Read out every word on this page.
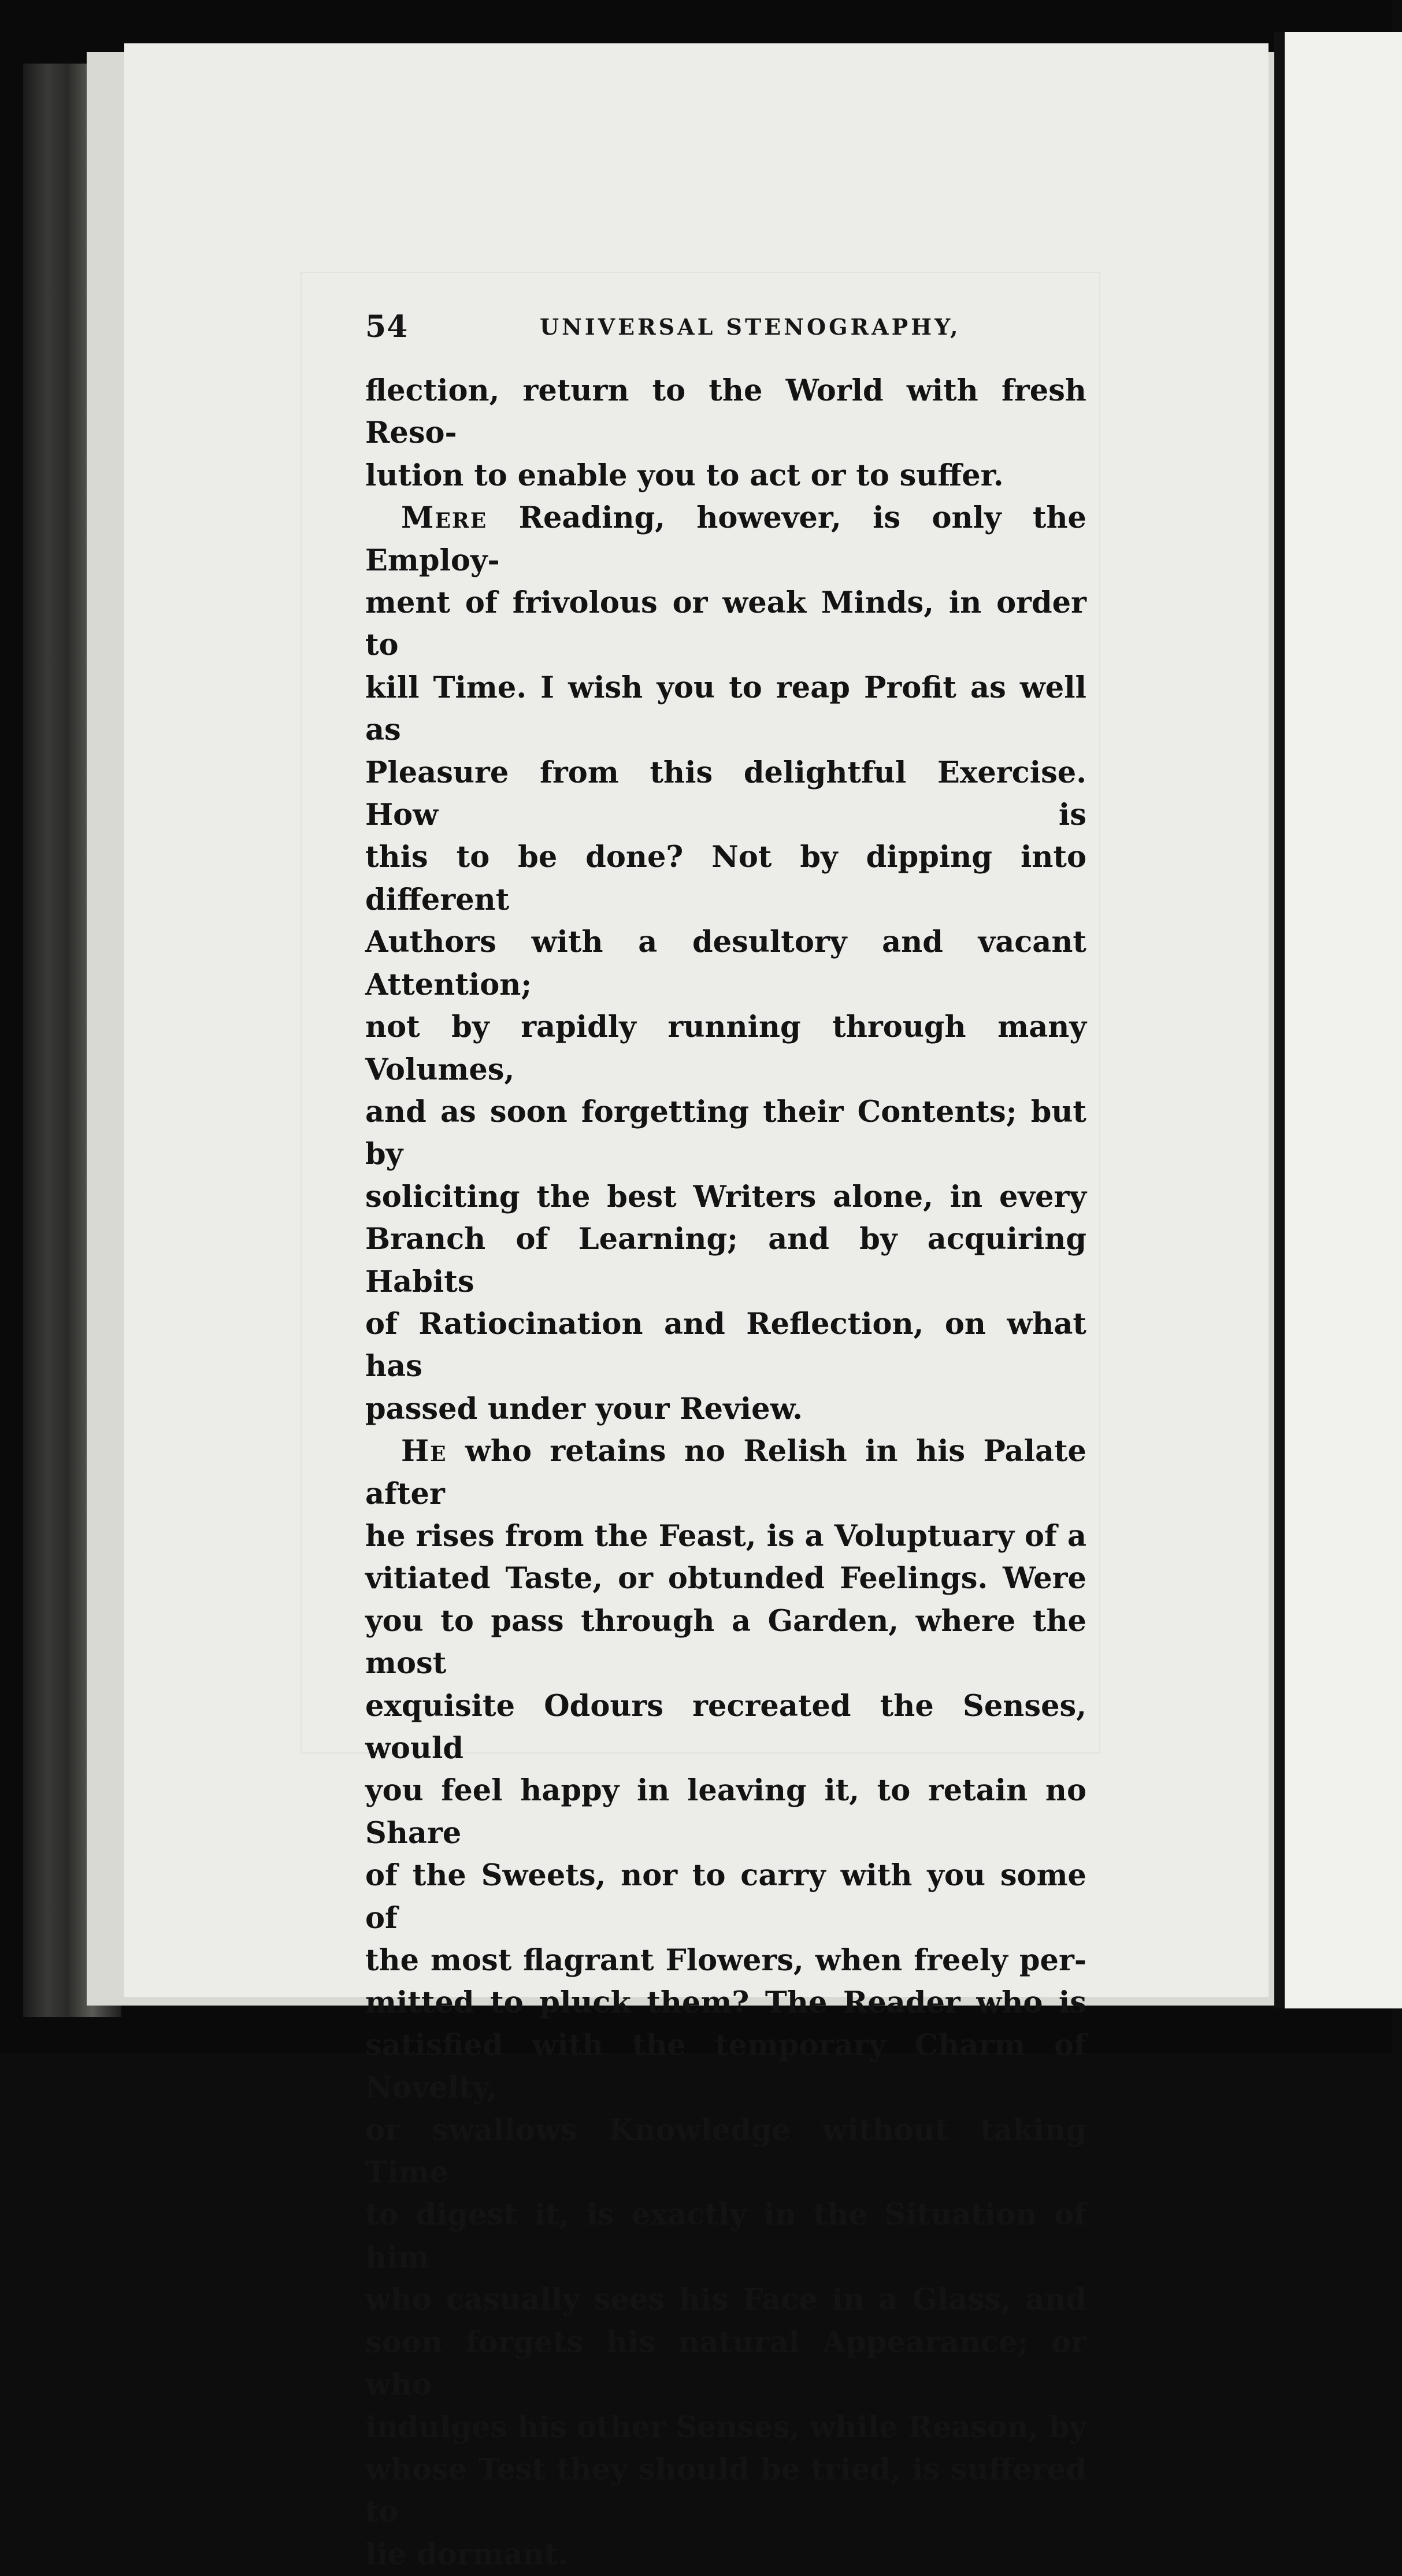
54	UNIVERSAL STENOGRAPHY,

flection, return to the World with fresh Reso-

lution to enable you to act or to suffer.

Mere Reading, however, is only the Employ-

ment of frivolous or weak Minds, in order to

kill Time. I wish you to reap Profit as well as

Pleasure from this delightful Exercise. How is

this to be done? Not by dipping into different

Authors with a desultory and vacant Attention;

not by rapidly running through many Volumes,

and as soon forgetting their Contents; but by

soliciting the best Writers alone, in every

Branch of Learning; and by acquiring Habits

of Ratiocination and Reflection, on what has

passed under your Review.

He who retains no Relish in his Palate after

he rises from the Feast, is a Voluptuary of a

vitiated Taste, or obtunded Feelings. Were

you to pass through a Garden, where the most

exquisite Odours recreated the Senses, would

you feel happy in leaving it, to retain no Share

of the Sweets, nor to carry with you some of

the most flagrant Flowers, when freely per-

mitted to pluck them? The Reader who is

satisfied with the temporary Charm of Novelty,

or swallows Knowledge without taking Time

to digest it, is exactly in the Situation of him

who casually sees his Face in a Glass, and

soon forgets his natural Appearance; or who

indulges his other Senses, while Reason, by

whose Test they should be tried, is suffered to

lie dormant.
